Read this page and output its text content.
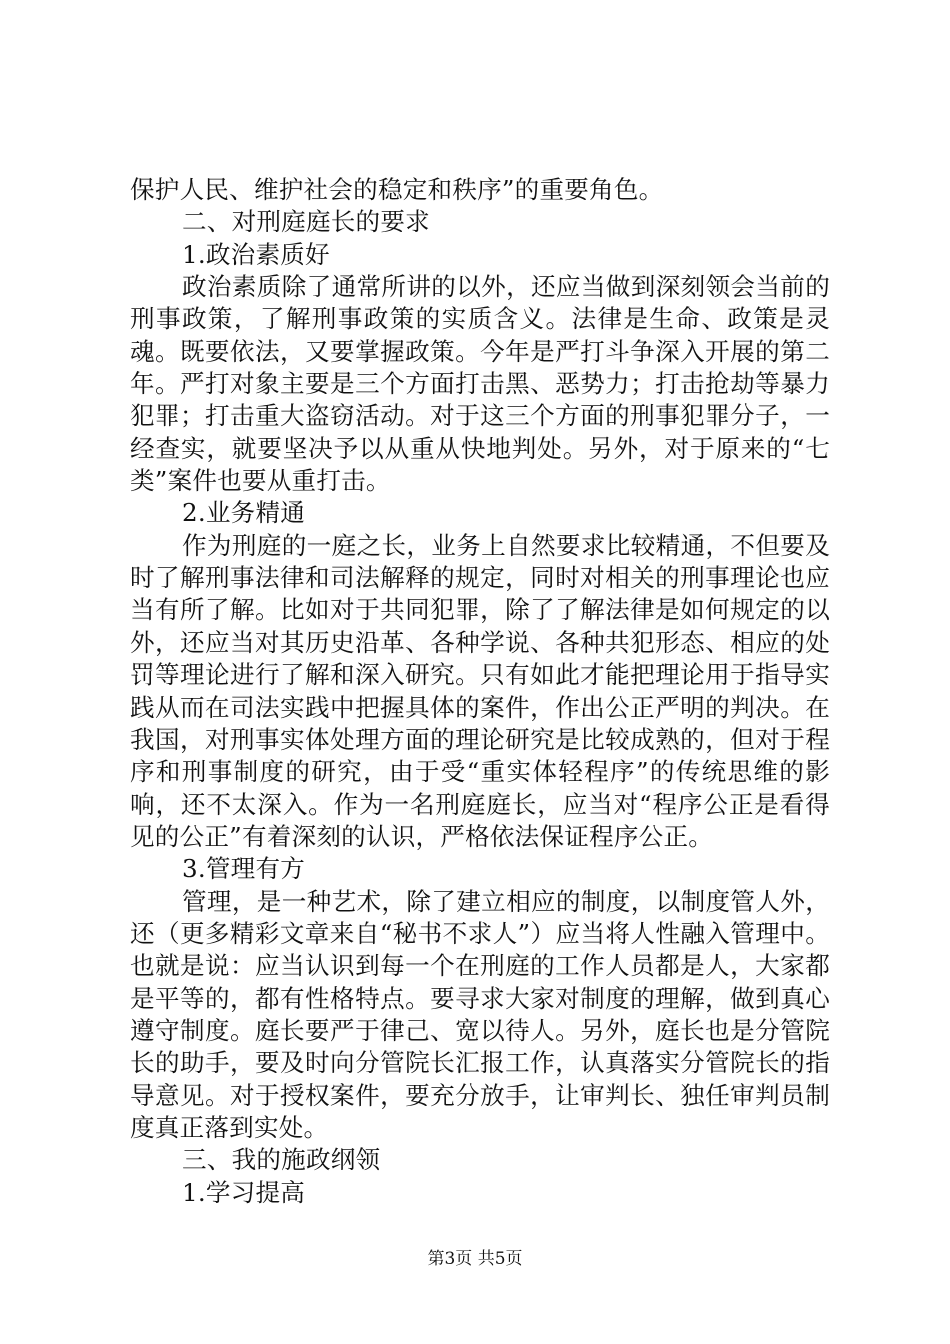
保护人民、维护社会的稳定和秩序”的重要角色。

二、对刑庭庭长的要求

1.政治素质好

政治素质除了通常所讲的以外，还应当做到深刻领会当前的刑事政策，了解刑事政策的实质含义。法律是生命、政策是灵魂。既要依法，又要掌握政策。今年是严打斗争深入开展的第二年。严打对象主要是三个方面打击黑、恶势力；打击抢劫等暴力犯罪；打击重大盗窃活动。对于这三个方面的刑事犯罪分子，一经查实，就要坚决予以从重从快地判处。另外，对于原来的“七类”案件也要从重打击。

2.业务精通

作为刑庭的一庭之长，业务上自然要求比较精通，不但要及时了解刑事法律和司法解释的规定，同时对相关的刑事理论也应当有所了解。比如对于共同犯罪，除了了解法律是如何规定的以外，还应当对其历史沿革、各种学说、各种共犯形态、相应的处罚等理论进行了解和深入研究。只有如此才能把理论用于指导实践从而在司法实践中把握具体的案件，作出公正严明的判决。在我国，对刑事实体处理方面的理论研究是比较成熟的，但对于程序和刑事制度的研究，由于受“重实体轻程序”的传统思维的影响，还不太深入。作为一名刑庭庭长，应当对“程序公正是看得见的公正”有着深刻的认识，严格依法保证程序公正。

3.管理有方

管理，是一种艺术，除了建立相应的制度，以制度管人外，还（更多精彩文章来自“秘书不求人”）应当将人性融入管理中。也就是说：应当认识到每一个在刑庭的工作人员都是人，大家都是平等的，都有性格特点。要寻求大家对制度的理解，做到真心遵守制度。庭长要严于律己、宽以待人。另外，庭长也是分管院长的助手，要及时向分管院长汇报工作，认真落实分管院长的指导意见。对于授权案件，要充分放手，让审判长、独任审判员制度真正落到实处。

三、我的施政纲领

1.学习提高

第3页 共5页
